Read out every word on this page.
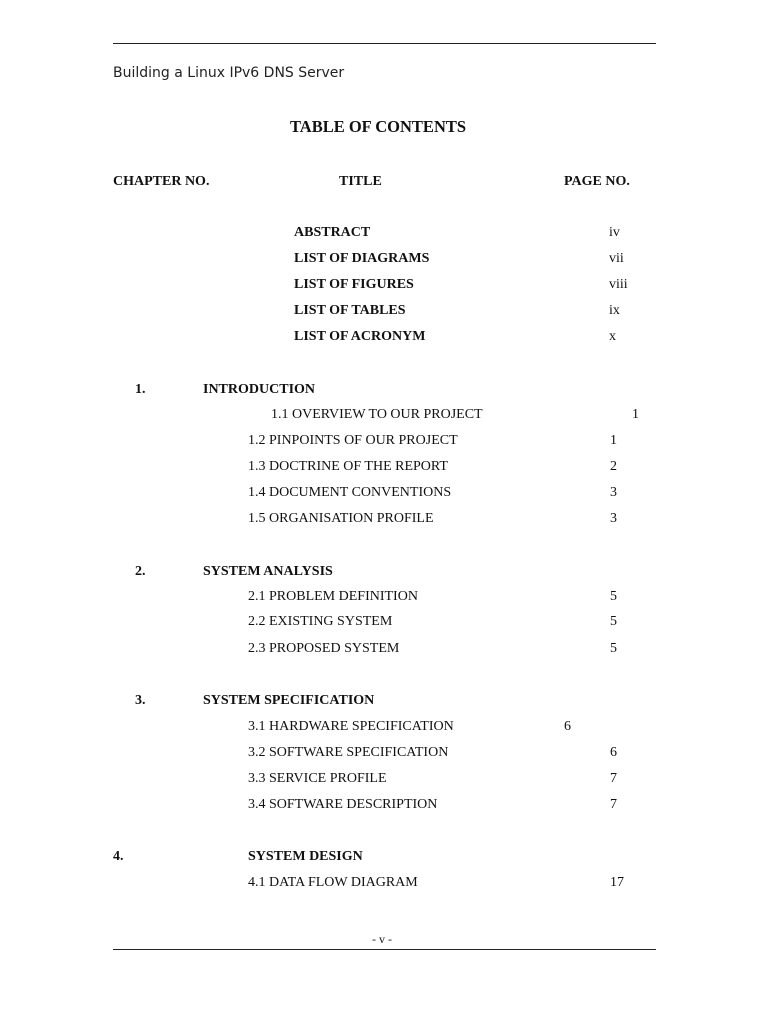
Building a Linux IPv6 DNS Server
TABLE OF CONTENTS
CHAPTER NO.	TITLE	PAGE NO.
ABSTRACT	iv
LIST OF DIAGRAMS	vii
LIST OF FIGURES	viii
LIST OF TABLES	ix
LIST OF ACRONYM	x
1.	INTRODUCTION
1.1 OVERVIEW TO OUR PROJECT	1
1.2 PINPOINTS OF OUR PROJECT	1
1.3 DOCTRINE OF THE REPORT	2
1.4 DOCUMENT CONVENTIONS	3
1.5 ORGANISATION PROFILE	3
2.	SYSTEM ANALYSIS
2.1 PROBLEM DEFINITION	5
2.2 EXISTING SYSTEM	5
2.3 PROPOSED SYSTEM	5
3.	SYSTEM SPECIFICATION
3.1 HARDWARE SPECIFICATION	6
3.2 SOFTWARE SPECIFICATION	6
3.3 SERVICE PROFILE	7
3.4 SOFTWARE DESCRIPTION	7
4.	SYSTEM DESIGN
4.1 DATA FLOW DIAGRAM	17
- v -
